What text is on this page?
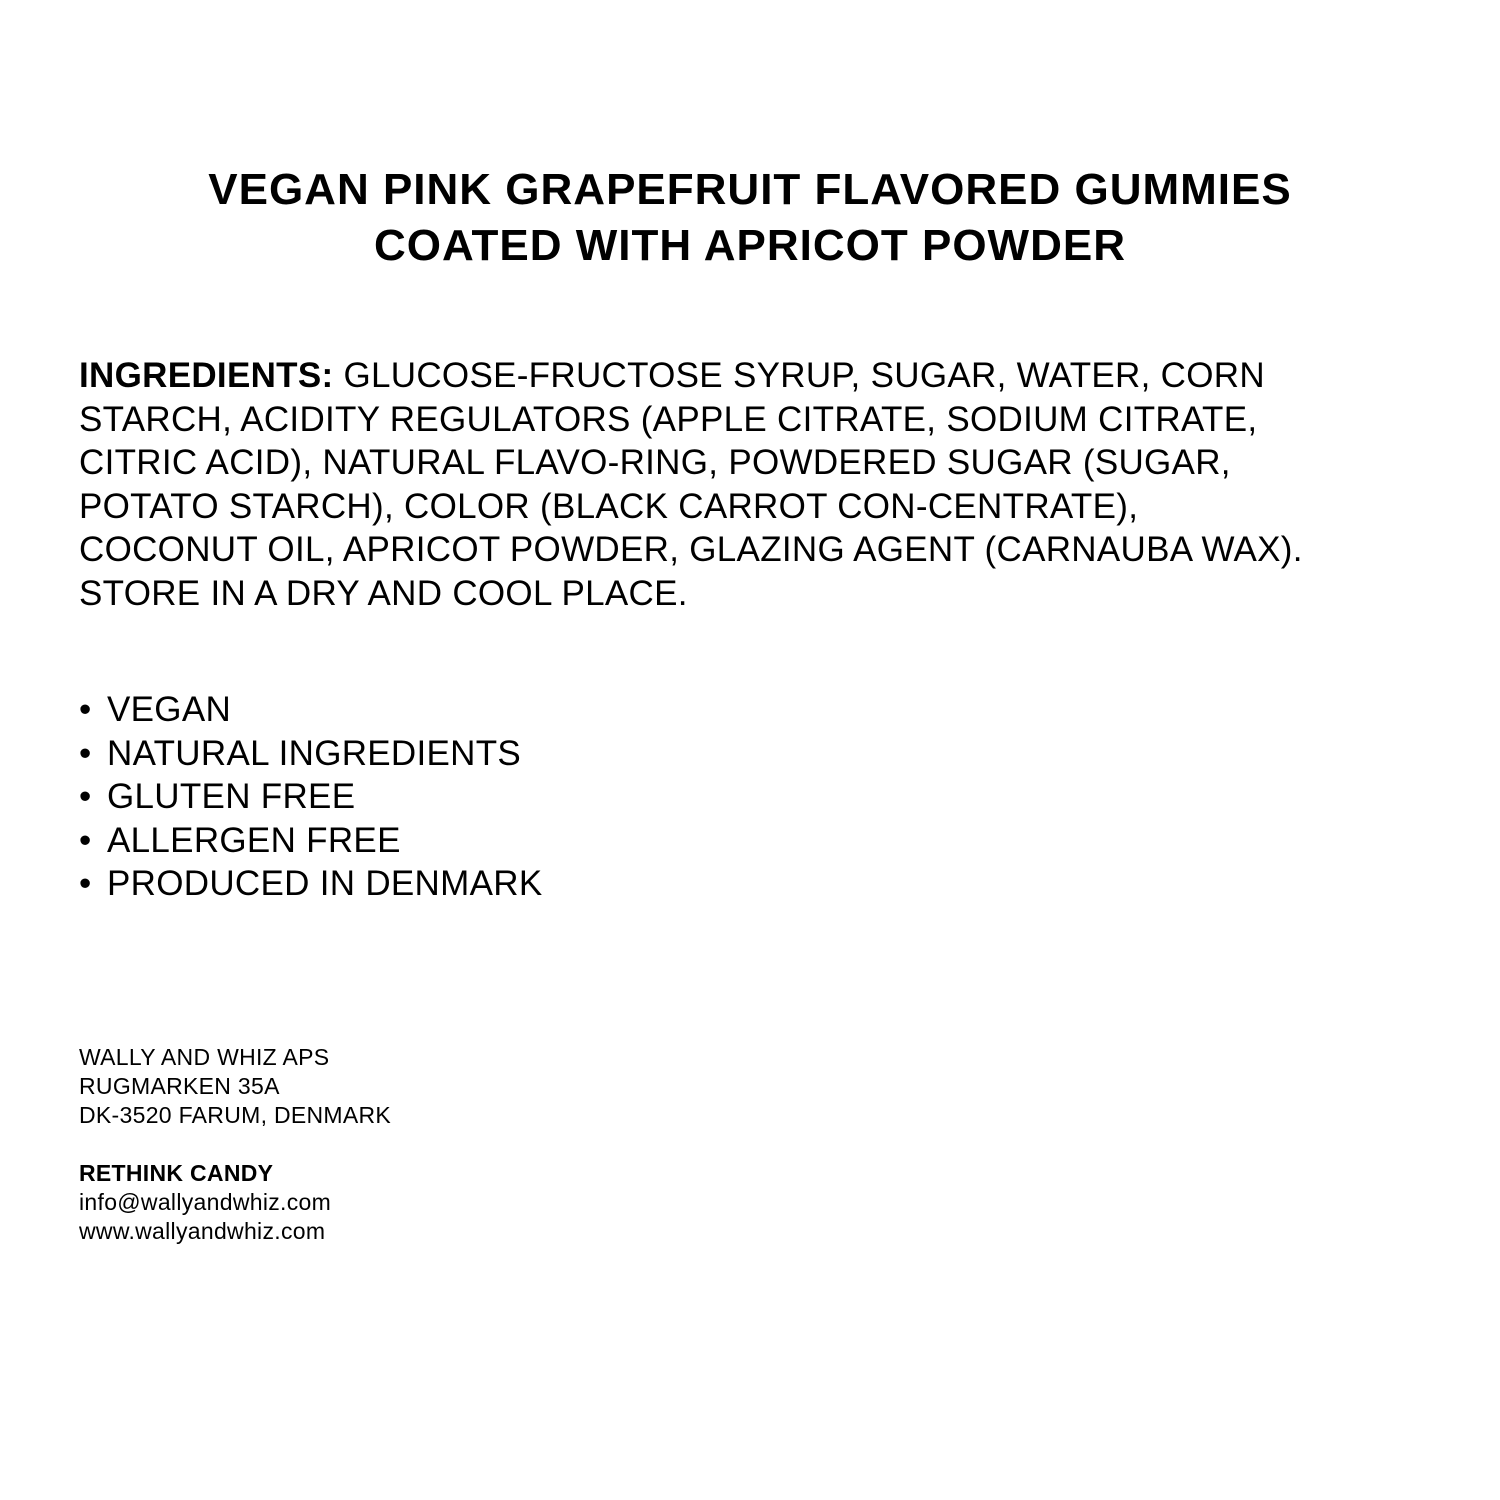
VEGAN PINK GRAPEFRUIT FLAVORED GUMMIES
COATED WITH APRICOT POWDER
INGREDIENTS: GLUCOSE-FRUCTOSE SYRUP, SUGAR, WATER, CORN
STARCH, ACIDITY REGULATORS (APPLE CITRATE, SODIUM CITRATE,
CITRIC ACID), NATURAL FLAVO-RING, POWDERED SUGAR (SUGAR,
POTATO STARCH), COLOR (BLACK CARROT CON-CENTRATE),
COCONUT OIL, APRICOT POWDER, GLAZING AGENT (CARNAUBA WAX).
STORE IN A DRY AND COOL PLACE.
• VEGAN
• NATURAL INGREDIENTS
• GLUTEN FREE
• ALLERGEN FREE
• PRODUCED IN DENMARK
WALLY AND WHIZ APS
RUGMARKEN 35A
DK-3520 FARUM, DENMARK
RETHINK CANDY
info@wallyandwhiz.com
www.wallyandwhiz.com
